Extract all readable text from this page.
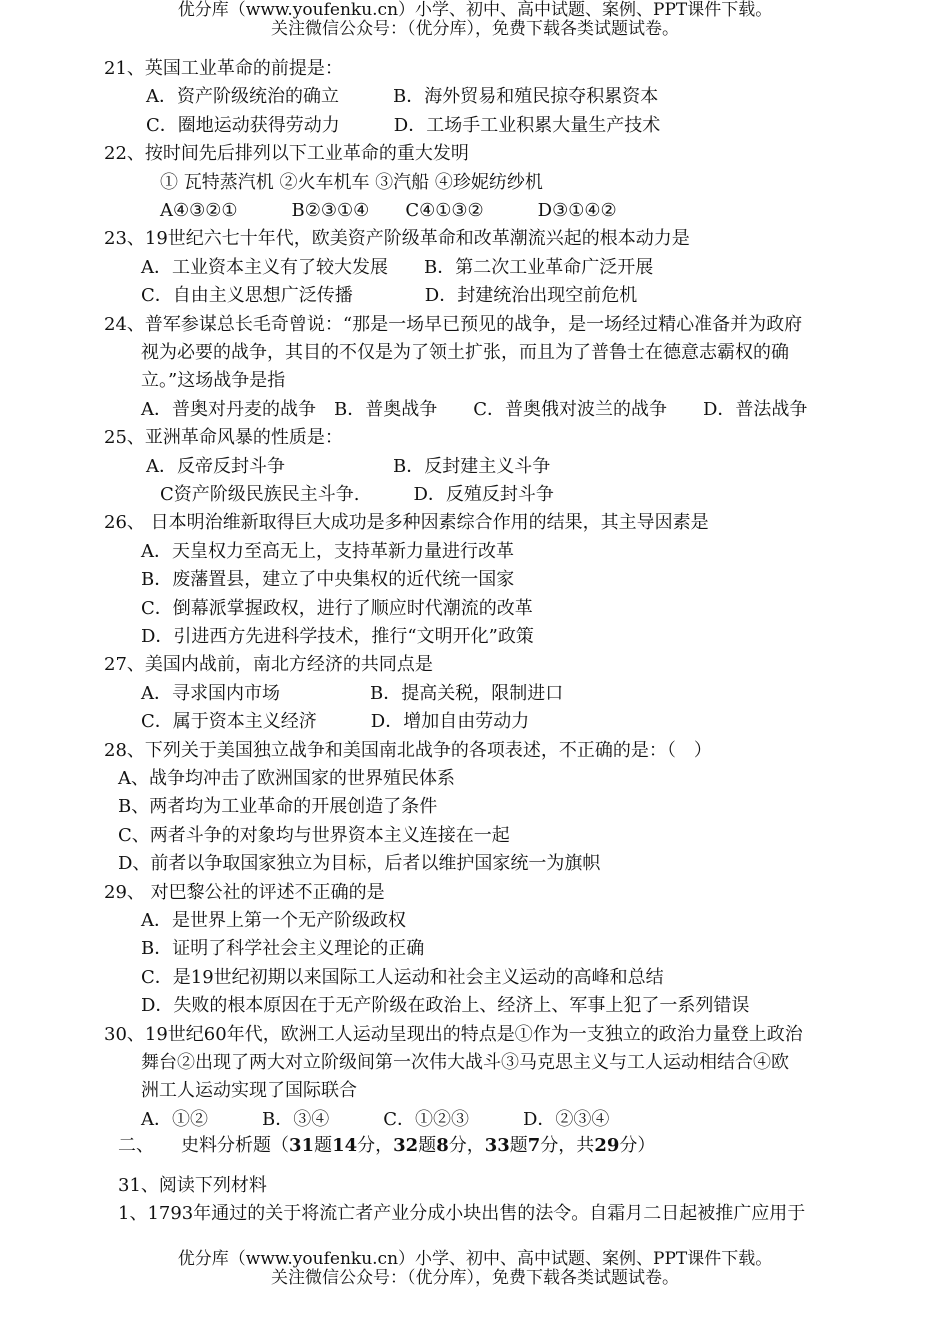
优分库（www.youfenku.cn）小学、初中、高中试题、案例、PPT课件下载。
关注微信公众号：（优分库），免费下载各类试题试卷。
21、英国工业革命的前提是：
A．资产阶级统治的确立　　　B．海外贸易和殖民掠夺积累资本
C．圈地运动获得劳动力　　　D．工场手工业积累大量生产技术
22、按时间先后排列以下工业革命的重大发明
① 瓦特蒸汽机 ②火车机车 ③汽船 ④珍妮纺纱机
A④③②①　　　B②③①④　　C④①③②　　　D③①④②
23、19世纪六七十年代，欧美资产阶级革命和改革潮流兴起的根本动力是
A．工业资本主义有了较大发展　　B．第二次工业革命广泛开展
C．自由主义思想广泛传播　　　　D．封建统治出现空前危机
24、普军参谋总长毛奇曾说：“那是一场早已预见的战争，是一场经过精心准备并为政府
视为必要的战争，其目的不仅是为了领土扩张，而且为了普鲁士在德意志霸权的确
立。”这场战争是指
A．普奥对丹麦的战争　B．普奥战争　　C．普奥俄对波兰的战争　　D．普法战争
25、亚洲革命风暴的性质是：
A．反帝反封斗争　　　　　　B．反封建主义斗争
C资产阶级民族民主斗争.　　　D．反殖反封斗争
26、 日本明治维新取得巨大成功是多种因素综合作用的结果，其主导因素是
A．天皇权力至高无上，支持革新力量进行改革
B．废藩置县，建立了中央集权的近代统一国家
C．倒幕派掌握政权，进行了顺应时代潮流的改革
D．引进西方先进科学技术，推行“文明开化”政策
27、美国内战前，南北方经济的共同点是
A．寻求国内市场　　　　　B．提高关税，限制进口
C．属于资本主义经济　　　D．增加自由劳动力
28、下列关于美国独立战争和美国南北战争的各项表述，不正确的是：（　）
A、战争均冲击了欧洲国家的世界殖民体系
B、两者均为工业革命的开展创造了条件
C、两者斗争的对象均与世界资本主义连接在一起
D、前者以争取国家独立为目标，后者以维护国家统一为旗帜
29、 对巴黎公社的评述不正确的是
A．是世界上第一个无产阶级政权
B．证明了科学社会主义理论的正确
C．是19世纪初期以来国际工人运动和社会主义运动的高峰和总结
D．失败的根本原因在于无产阶级在政治上、经济上、军事上犯了一系列错误
30、19世纪60年代，欧洲工人运动呈现出的特点是①作为一支独立的政治力量登上政治
舞台②出现了两大对立阶级间第一次伟大战斗③马克思主义与工人运动相结合④欧
洲工人运动实现了国际联合
A．①②　　　B．③④　　　C．①②③　　　D．②③④
二、　　史料分析题（31题14分，32题8分，33题7分，共29分）
31、阅读下列材料
1、1793年通过的关于将流亡者产业分成小块出售的法令。自霜月二日起被推广应用于
优分库（www.youfenku.cn）小学、初中、高中试题、案例、PPT课件下载。
关注微信公众号：（优分库），免费下载各类试题试卷。
